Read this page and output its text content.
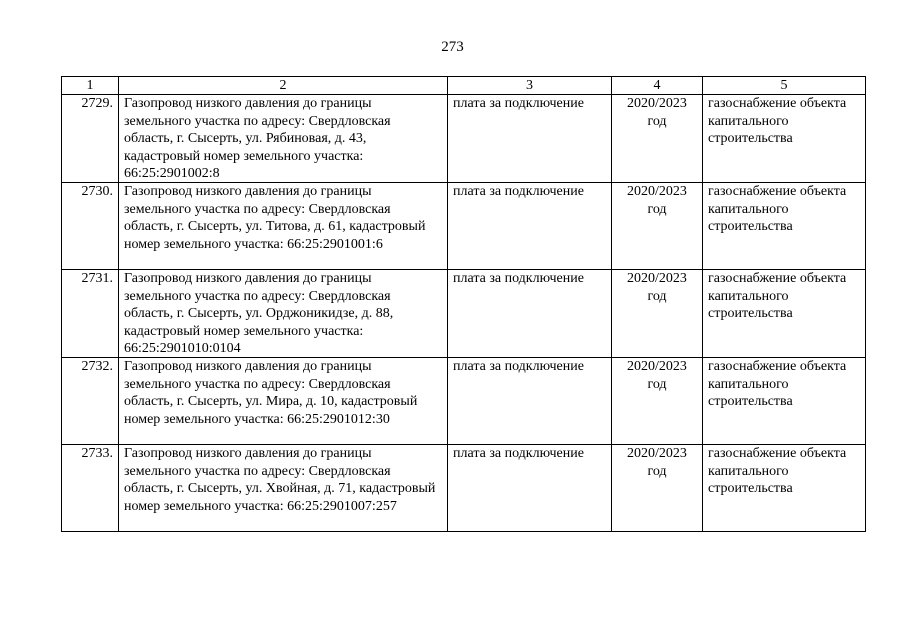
273
1	2	3	4	5
2729.	Газопровод низкого давления до границы земельного участка по адресу: Свердловская область, г. Сысерть, ул. Рябиновая, д. 43, кадастровый номер земельного участка: 66:25:2901002:8	плата за подключение	2020/2023 год	газоснабжение объекта капитального строительства
2730.	Газопровод низкого давления до границы земельного участка по адресу: Свердловская область, г. Сысерть, ул. Титова, д. 61, кадастровый номер земельного участка: 66:25:2901001:6	плата за подключение	2020/2023 год	газоснабжение объекта капитального строительства
2731.	Газопровод низкого давления до границы земельного участка по адресу: Свердловская область, г. Сысерть, ул. Орджоникидзе, д. 88, кадастровый номер земельного участка: 66:25:2901010:0104	плата за подключение	2020/2023 год	газоснабжение объекта капитального строительства
2732.	Газопровод низкого давления до границы земельного участка по адресу: Свердловская область, г. Сысерть, ул. Мира, д. 10, кадастровый номер земельного участка: 66:25:2901012:30	плата за подключение	2020/2023 год	газоснабжение объекта капитального строительства
2733.	Газопровод низкого давления до границы земельного участка по адресу: Свердловская область, г. Сысерть, ул. Хвойная, д. 71, кадастровый номер земельного участка: 66:25:2901007:257	плата за подключение	2020/2023 год	газоснабжение объекта капитального строительства
